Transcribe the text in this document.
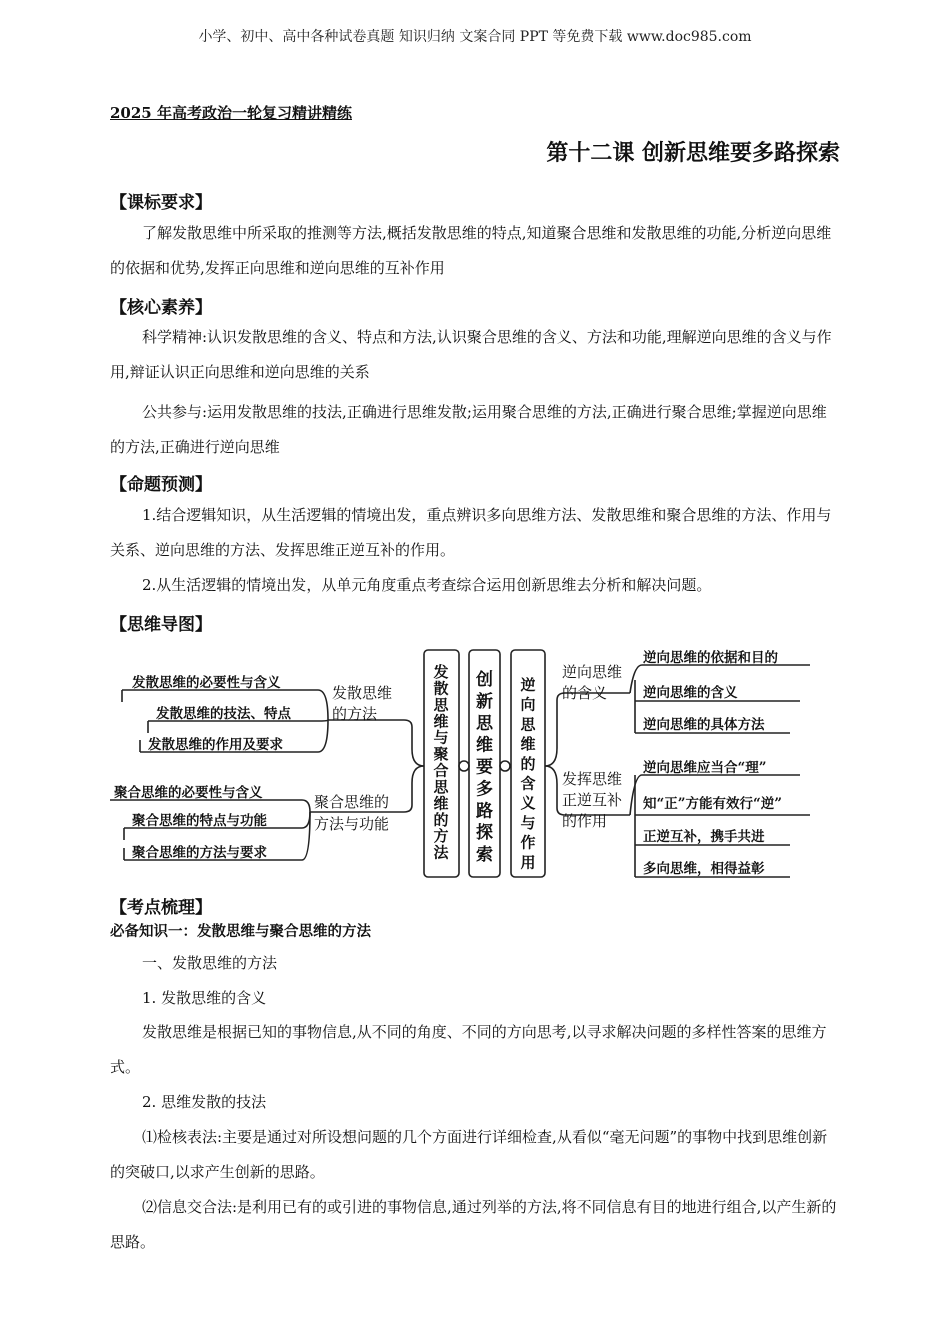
小学、初中、高中各种试卷真题 知识归纳 文案合同 PPT 等免费下载 www.doc985.com
2025 年高考政治一轮复习精讲精练
第十二课 创新思维要多路探索
【课标要求】
了解发散思维中所采取的推测等方法,概括发散思维的特点,知道聚合思维和发散思维的功能,分析逆向思维的依据和优势,发挥正向思维和逆向思维的互补作用
【核心素养】
科学精神:认识发散思维的含义、特点和方法,认识聚合思维的含义、方法和功能,理解逆向思维的含义与作用,辩证认识正向思维和逆向思维的关系
公共参与:运用发散思维的技法,正确进行思维发散;运用聚合思维的方法,正确进行聚合思维;掌握逆向思维的方法,正确进行逆向思维
【命题预测】
1.结合逻辑知识，从生活逻辑的情境出发，重点辨识多向思维方法、发散思维和聚合思维的方法、作用与关系、逆向思维的方法、发挥思维正逆互补的作用。
2.从生活逻辑的情境出发，从单元角度重点考查综合运用创新思维去分析和解决问题。
【思维导图】
发散思维与聚合思维的方法
创新思维要多路探索
逆向思维的含义与作用
发散思维
的方法
聚合思维的
方法与功能
逆向思维
的含义
发挥思维
正逆互补
的作用
发散思维的必要性与含义
发散思维的技法、特点
发散思维的作用及要求
聚合思维的必要性与含义
聚合思维的特点与功能
聚合思维的方法与要求
逆向思维的依据和目的
逆向思维的含义
逆向思维的具体方法
逆向思维应当合“理”
知“正”方能有效行“逆”
正逆互补，携手共进
多向思维，相得益彰
【考点梳理】
必备知识一：发散思维与聚合思维的方法
一、发散思维的方法
1. 发散思维的含义
发散思维是根据已知的事物信息,从不同的角度、不同的方向思考,以寻求解决问题的多样性答案的思维方式。
2. 思维发散的技法
⑴检核表法:主要是通过对所设想问题的几个方面进行详细检查,从看似“毫无问题”的事物中找到思维创新的突破口,以求产生创新的思路。
⑵信息交合法:是利用已有的或引进的事物信息,通过列举的方法,将不同信息有目的地进行组合,以产生新的思路。
